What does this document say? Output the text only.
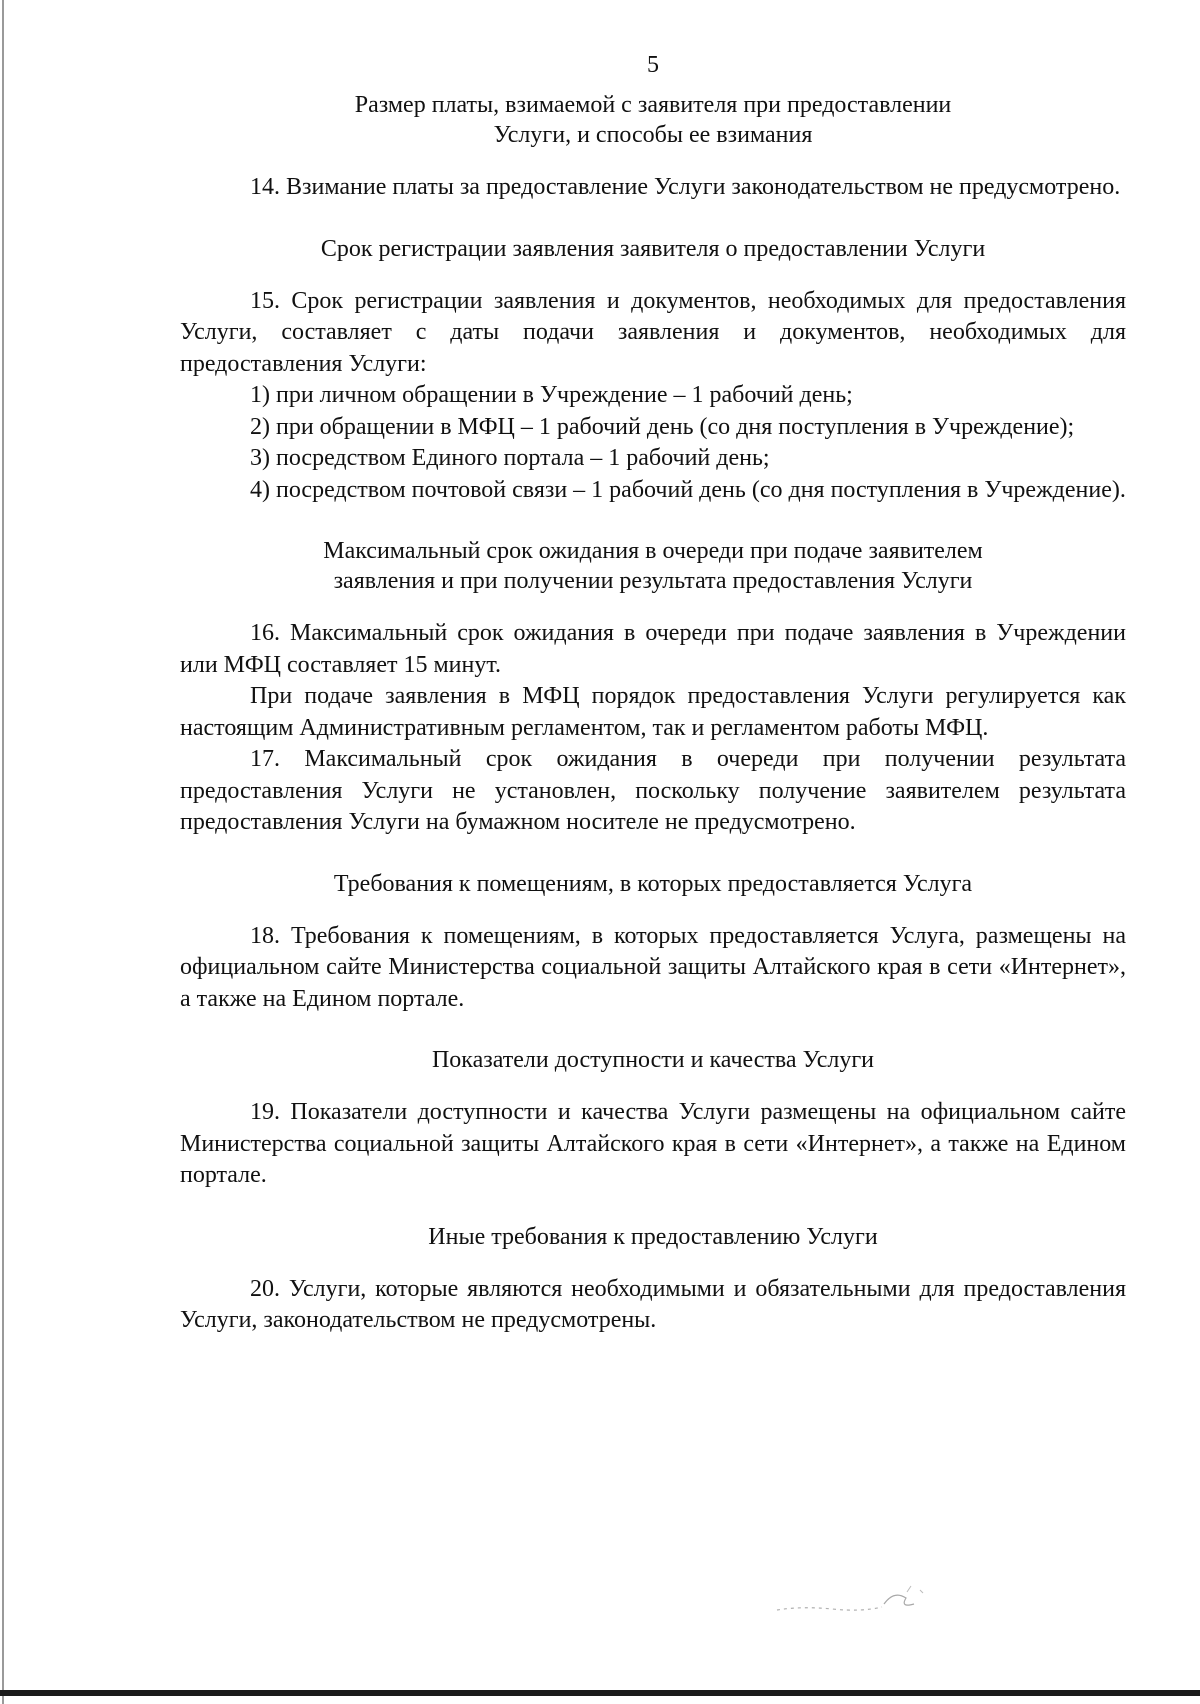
5
Размер платы, взимаемой с заявителя при предоставлении
Услуги, и способы ее взимания

14. Взимание платы за предоставление Услуги законодательством не предусмотрено.

Срок регистрации заявления заявителя о предоставлении Услуги

15. Срок регистрации заявления и документов, необходимых для предоставления Услуги, составляет с даты подачи заявления и документов, необходимых для предоставления Услуги:

1) при личном обращении в Учреждение – 1 рабочий день;

2) при обращении в МФЦ – 1 рабочий день (со дня поступления в Учреждение);

3) посредством Единого портала – 1 рабочий день;

4) посредством почтовой связи – 1 рабочий день (со дня поступления в Учреждение).

Максимальный срок ожидания в очереди при подаче заявителем
заявления и при получении результата предоставления Услуги

16. Максимальный срок ожидания в очереди при подаче заявления в Учреждении или МФЦ составляет 15 минут.

При подаче заявления в МФЦ порядок предоставления Услуги регулируется как настоящим Административным регламентом, так и регламентом работы МФЦ.

17. Максимальный срок ожидания в очереди при получении результата предоставления Услуги не установлен, поскольку получение заявителем результата предоставления Услуги на бумажном носителе не предусмотрено.

Требования к помещениям, в которых предоставляется Услуга

18. Требования к помещениям, в которых предоставляется Услуга, размещены на официальном сайте Министерства социальной защиты Алтайского края в сети «Интернет», а также на Едином портале.

Показатели доступности и качества Услуги

19. Показатели доступности и качества Услуги размещены на официальном сайте Министерства социальной защиты Алтайского края в сети «Интернет», а также на Едином портале.

Иные требования к предоставлению Услуги

20. Услуги, которые являются необходимыми и обязательными для предоставления Услуги, законодательством не предусмотрены.
